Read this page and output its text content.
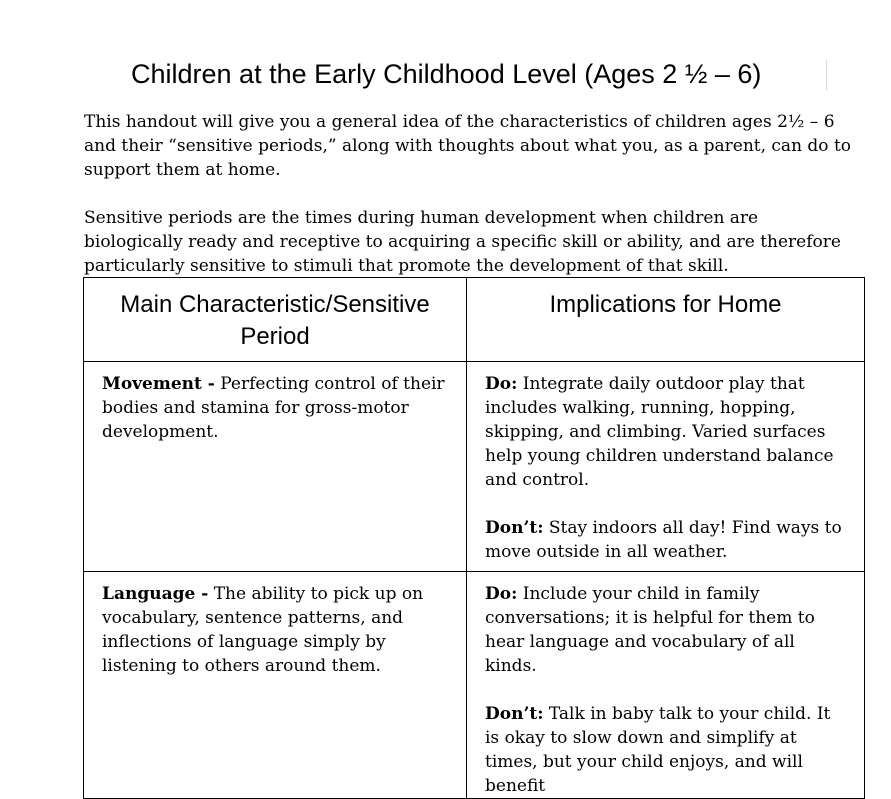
Children at the Early Childhood Level (Ages 2 ½ – 6)

This handout will give you a general idea of the characteristics of children ages 2½ – 6 and their “sensitive periods,” along with thoughts about what you, as a parent, can do to support them at home.

Sensitive periods are the times during human development when children are biologically ready and receptive to acquiring a specific skill or ability, and are therefore particularly sensitive to stimuli that promote the development of that skill.

Main Characteristic/Sensitive Period	Implications for Home

Movement - Perfecting control of their bodies and stamina for gross-motor development.	Do: Integrate daily outdoor play that includes walking, running, hopping, skipping, and climbing. Varied surfaces help young children understand balance and control.

Don’t: Stay indoors all day! Find ways to move outside in all weather.

Language - The ability to pick up on vocabulary, sentence patterns, and inflections of language simply by listening to others around them.	Do: Include your child in family conversations; it is helpful for them to hear language and vocabulary of all kinds.

Don’t: Talk in baby talk to your child. It is okay to slow down and simplify at times, but your child enjoys, and will benefit
